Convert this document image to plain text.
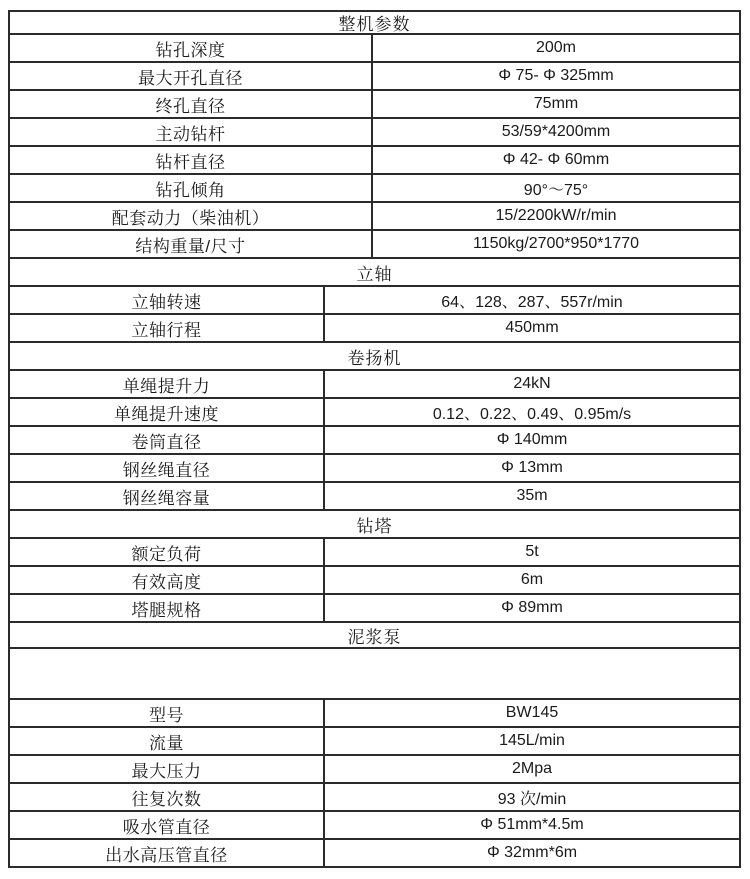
整机参数
钻孔深度	200m
最大开孔直径	Φ 75- Φ 325mm
终孔直径	75mm
主动钻杆	53/59*4200mm
钻杆直径	Φ 42- Φ 60mm
钻孔倾角	90°～75°
配套动力（柴油机）	15/2200kW/r/min
结构重量/尺寸	1150kg/2700*950*1770
立轴
立轴转速	64、128、287、557r/min
立轴行程	450mm
卷扬机
单绳提升力	24kN
单绳提升速度	0.12、0.22、0.49、0.95m/s
卷筒直径	Φ 140mm
钢丝绳直径	Φ 13mm
钢丝绳容量	35m
钻塔
额定负荷	5t
有效高度	6m
塔腿规格	Φ 89mm
泥浆泵
型号	BW145
流量	145L/min
最大压力	2Mpa
往复次数	93 次/min
吸水管直径	Φ 51mm*4.5m
出水高压管直径	Φ 32mm*6m
